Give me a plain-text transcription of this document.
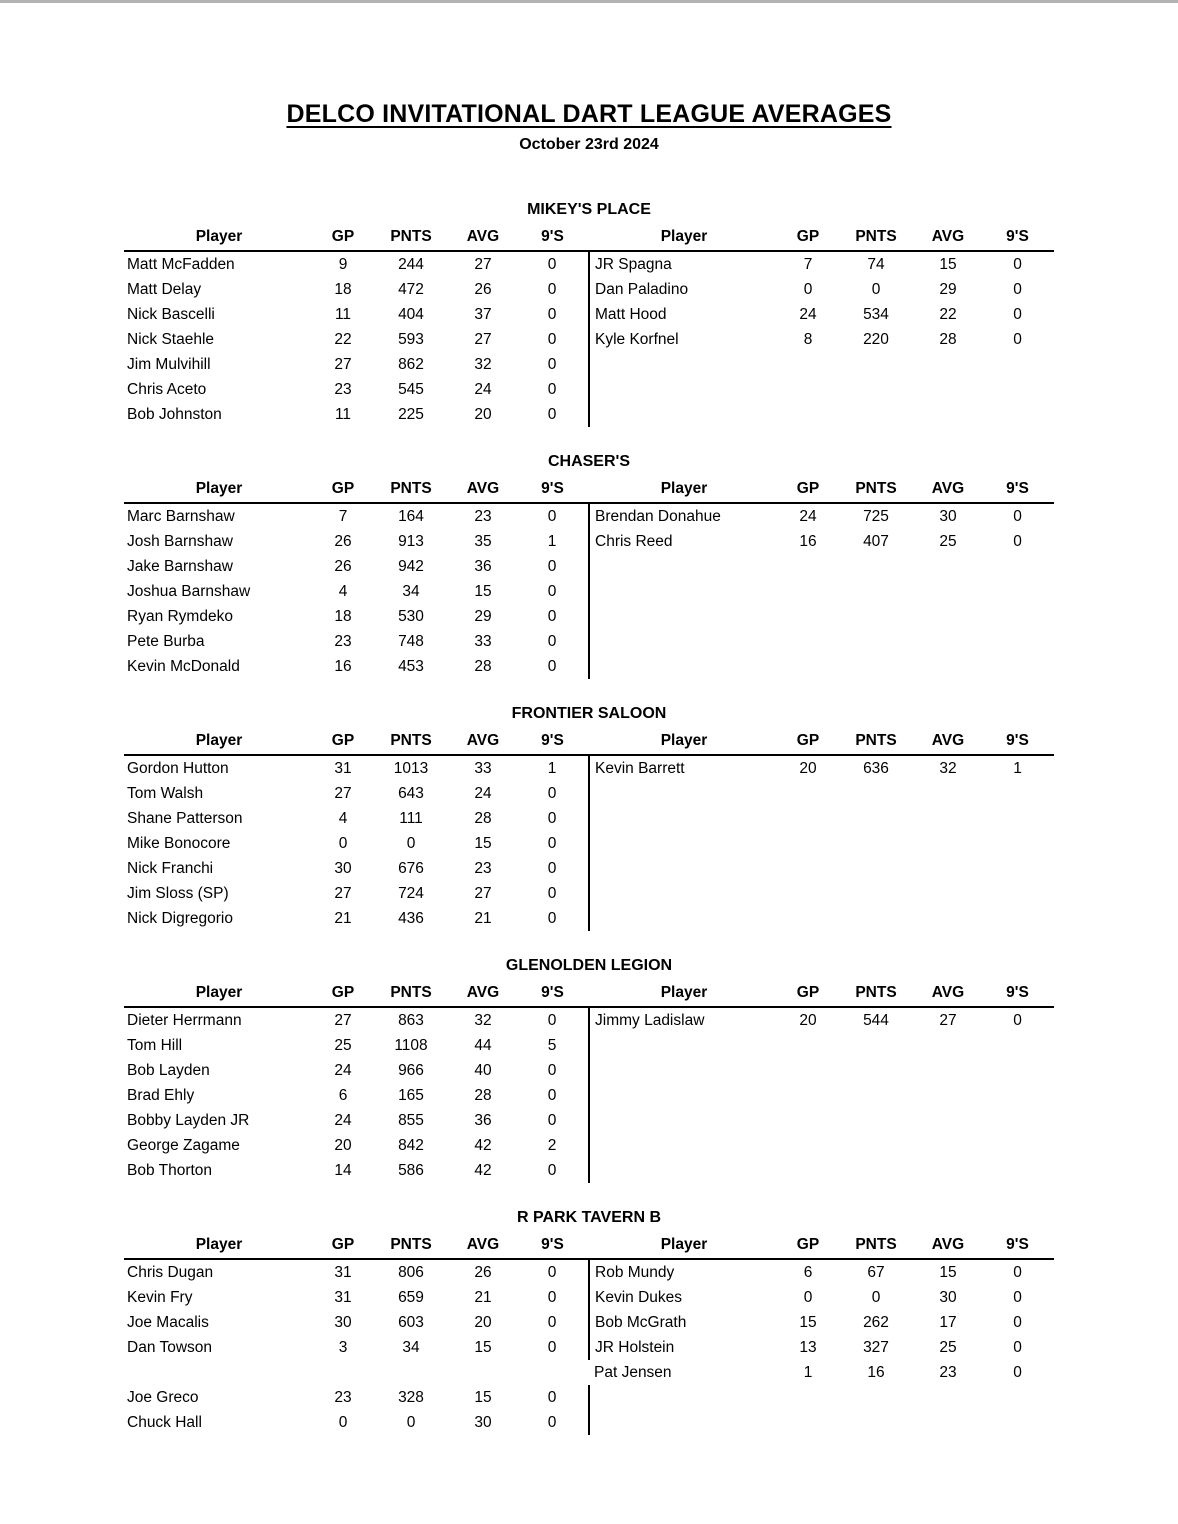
DELCO INVITATIONAL DART LEAGUE AVERAGES
October 23rd 2024
MIKEY'S PLACE
Player	GP	PNTS	AVG	9'S	Player	GP	PNTS	AVG	9'S
Matt McFadden	9	244	27	0	JR Spagna	7	74	15	0
Matt Delay	18	472	26	0	Dan Paladino	0	0	29	0
Nick Bascelli	11	404	37	0	Matt Hood	24	534	22	0
Nick Staehle	22	593	27	0	Kyle Korfnel	8	220	28	0
Jim Mulvihill	27	862	32	0					
Chris Aceto	23	545	24	0					
Bob Johnston	11	225	20	0					
CHASER'S
Player	GP	PNTS	AVG	9'S	Player	GP	PNTS	AVG	9'S
Marc Barnshaw	7	164	23	0	Brendan Donahue	24	725	30	0
Josh Barnshaw	26	913	35	1	Chris Reed	16	407	25	0
Jake Barnshaw	26	942	36	0					
Joshua Barnshaw	4	34	15	0					
Ryan Rymdeko	18	530	29	0					
Pete Burba	23	748	33	0					
Kevin McDonald	16	453	28	0					
FRONTIER SALOON
Player	GP	PNTS	AVG	9'S	Player	GP	PNTS	AVG	9'S
Gordon Hutton	31	1013	33	1	Kevin Barrett	20	636	32	1
Tom Walsh	27	643	24	0					
Shane Patterson	4	111	28	0					
Mike Bonocore	0	0	15	0					
Nick Franchi	30	676	23	0					
Jim Sloss (SP)	27	724	27	0					
Nick Digregorio	21	436	21	0					
GLENOLDEN LEGION
Player	GP	PNTS	AVG	9'S	Player	GP	PNTS	AVG	9'S
Dieter Herrmann	27	863	32	0	Jimmy Ladislaw	20	544	27	0
Tom Hill	25	1108	44	5					
Bob Layden	24	966	40	0					
Brad Ehly	6	165	28	0					
Bobby Layden JR	24	855	36	0					
George Zagame	20	842	42	2					
Bob Thorton	14	586	42	0					
R PARK TAVERN B
Player	GP	PNTS	AVG	9'S	Player	GP	PNTS	AVG	9'S
Chris Dugan	31	806	26	0	Rob Mundy	6	67	15	0
Kevin Fry	31	659	21	0	Kevin Dukes	0	0	30	0
Joe Macalis	30	603	20	0	Bob McGrath	15	262	17	0
Dan Towson	3	34	15	0	JR Holstein	13	327	25	0
					Pat Jensen	1	16	23	0
Joe Greco	23	328	15	0					
Chuck Hall	0	0	30	0					
